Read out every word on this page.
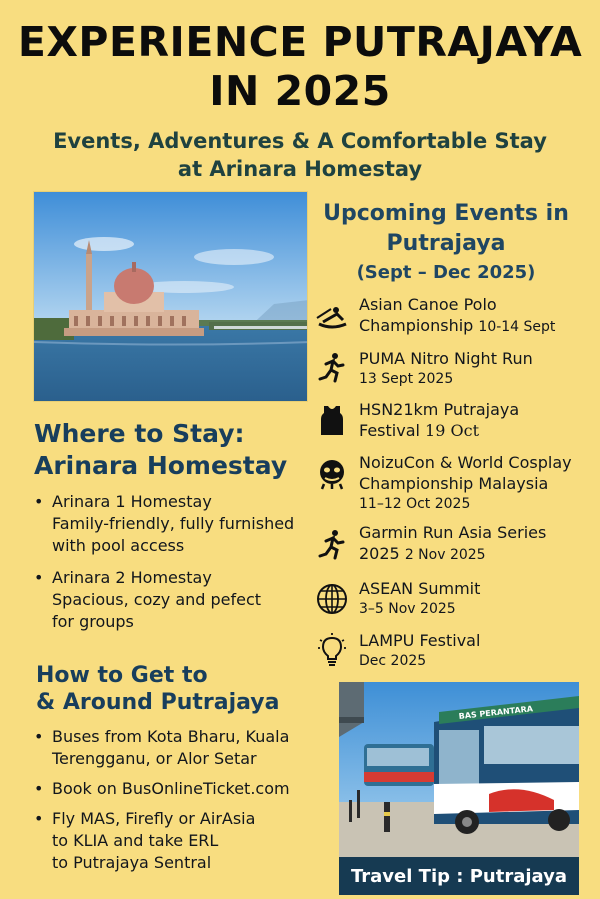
EXPERIENCE PUTRAJAYA
IN 2025
Events, Adventures & A Comfortable Stay
at Arinara Homestay
Upcoming Events in
Putrajaya
(Sept – Dec 2025)
Asian Canoe Polo
Championship 10-14 Sept
PUMA Nitro Night Run
13 Sept 2025
HSN21km Putrajaya
Festival 19 Oct
NoizuCon & World Cosplay
Championship Malaysia
11–12 Oct 2025
Garmin Run Asia Series
2025 2 Nov 2025
ASEAN Summit
3–5 Nov 2025
LAMPU Festival
Dec 2025
Where to Stay:
Arinara Homestay
• Arinara 1 Homestay
Family-friendly, fully furnished
with pool access
• Arinara 2 Homestay
Spacious, cozy and pefect
for groups
How to Get to
& Around Putrajaya
• Buses from Kota Bharu, Kuala
Terengganu, or Alor Setar
• Book on BusOnlineTicket.com
• Fly MAS, Firefly or AirAsia
to KLIA and take ERL
to Putrajaya Sentral
BAS PERANTARA
Travel Tip : Putrajaya
